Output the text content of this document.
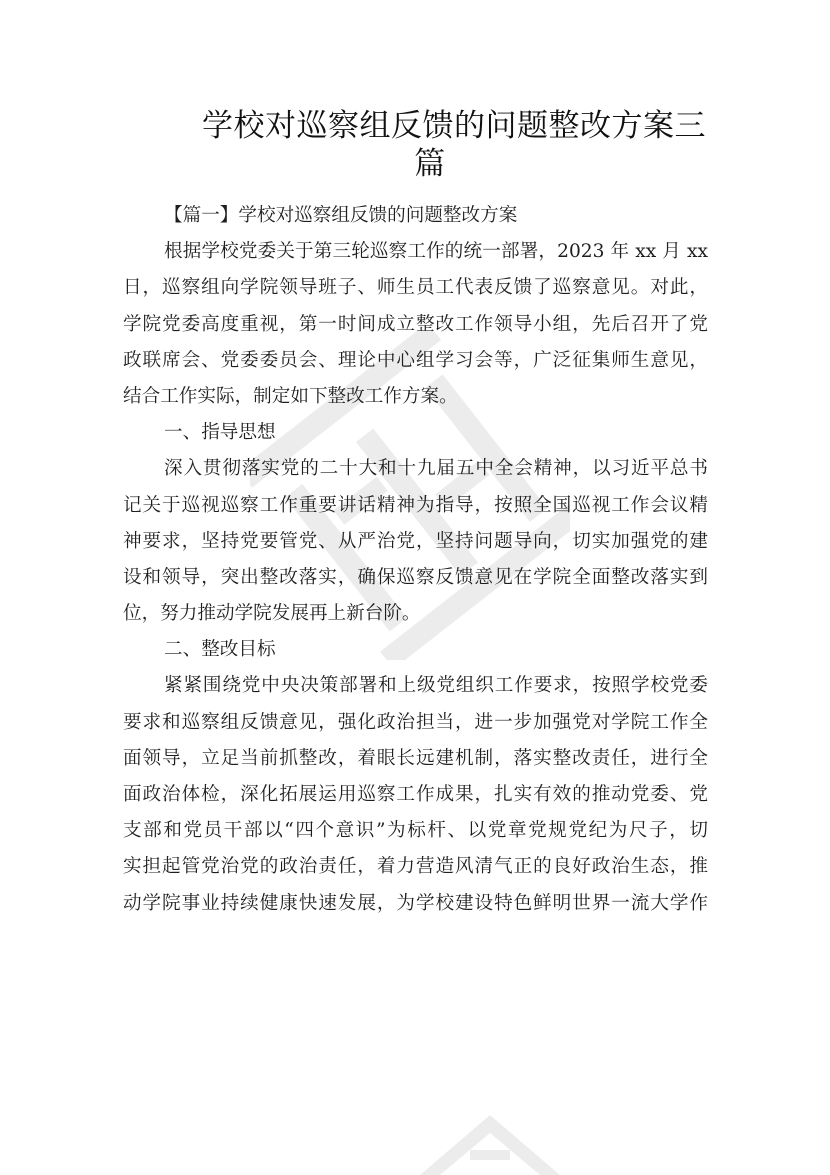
学校对巡察组反馈的问题整改方案三
篇
【篇一】学校对巡察组反馈的问题整改方案
根据学校党委关于第三轮巡察工作的统一部署，2023 年 xx 月 xx
日，巡察组向学院领导班子、师生员工代表反馈了巡察意见。对此，
学院党委高度重视，第一时间成立整改工作领导小组，先后召开了党
政联席会、党委委员会、理论中心组学习会等，广泛征集师生意见，
结合工作实际，制定如下整改工作方案。
一、指导思想
深入贯彻落实党的二十大和十九届五中全会精神，以习近平总书
记关于巡视巡察工作重要讲话精神为指导，按照全国巡视工作会议精
神要求，坚持党要管党、从严治党，坚持问题导向，切实加强党的建
设和领导，突出整改落实，确保巡察反馈意见在学院全面整改落实到
位，努力推动学院发展再上新台阶。
二、整改目标
紧紧围绕党中央决策部署和上级党组织工作要求，按照学校党委
要求和巡察组反馈意见，强化政治担当，进一步加强党对学院工作全
面领导，立足当前抓整改，着眼长远建机制，落实整改责任，进行全
面政治体检，深化拓展运用巡察工作成果，扎实有效的推动党委、党
支部和党员干部以“四个意识”为标杆、以党章党规党纪为尺子，切
实担起管党治党的政治责任，着力营造风清气正的良好政治生态，推
动学院事业持续健康快速发展，为学校建设特色鲜明世界一流大学作
